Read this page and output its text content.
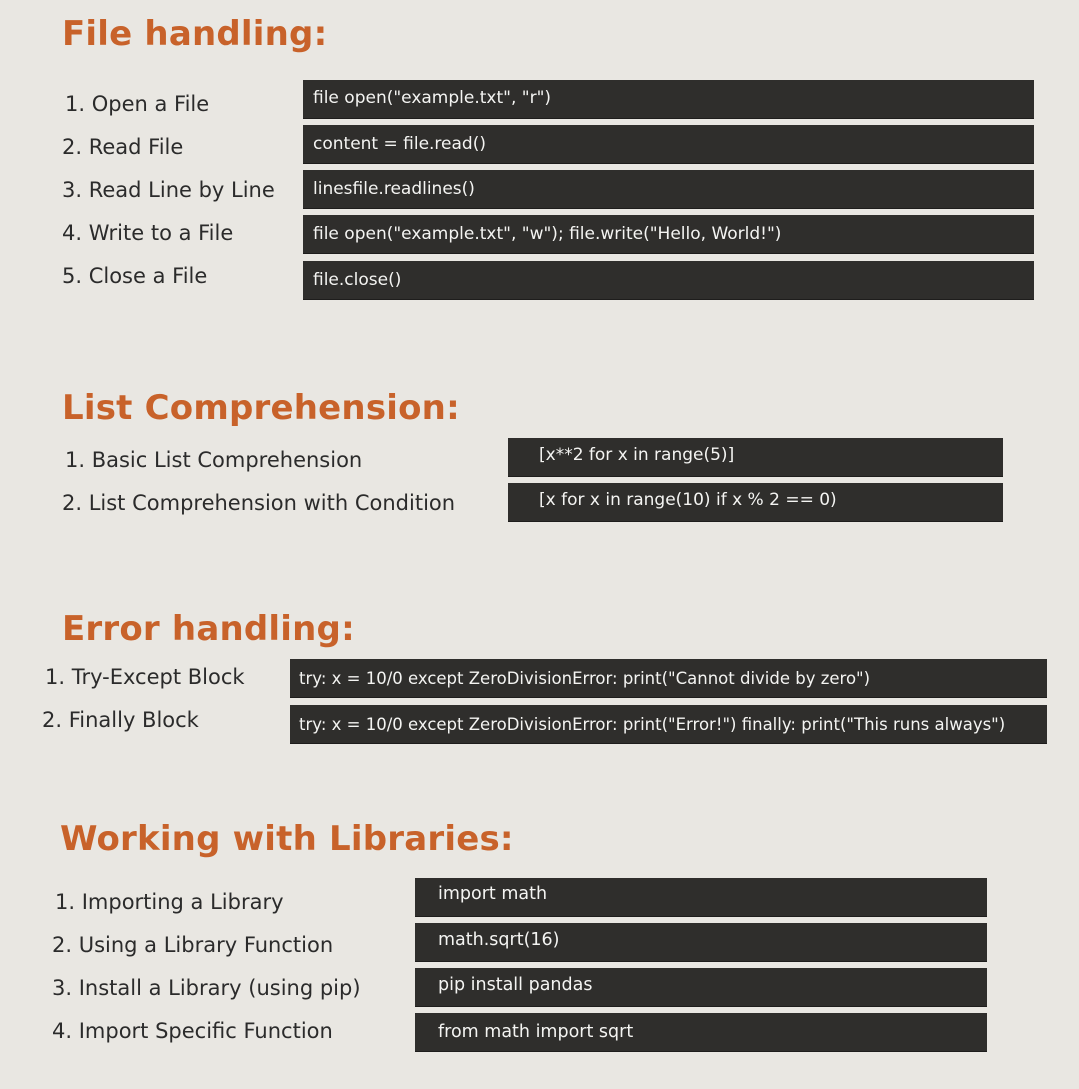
File handling:
1. Open a File	file open("example.txt", "r")
2. Read File	content = file.read()
3. Read Line by Line	linesfile.readlines()
4. Write to a File	file open("example.txt", "w"); file.write("Hello, World!")
5. Close a File	file.close()
List Comprehension:
1. Basic List Comprehension	[x**2 for x in range(5)]
2. List Comprehension with Condition	[x for x in range(10) if x % 2 == 0)
Error handling:
1. Try-Except Block	try: x = 10/0 except ZeroDivisionError: print("Cannot divide by zero")
2. Finally Block	try: x = 10/0 except ZeroDivisionError: print("Error!") finally: print("This runs always")
Working with Libraries:
1. Importing a Library	import math
2. Using a Library Function	math.sqrt(16)
3. Install a Library (using pip)	pip install pandas
4. Import Specific Function	from math import sqrt
